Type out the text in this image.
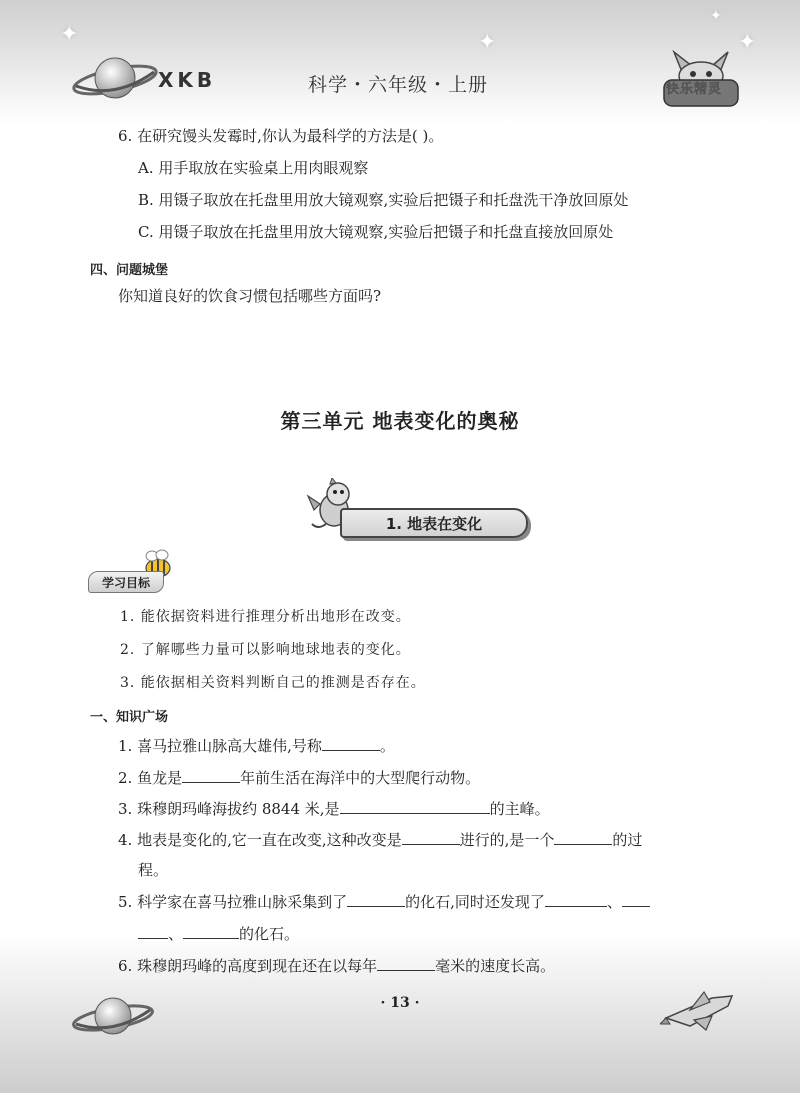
✦	✦	✦
✦
XKB	科学・六年级・上册	快乐精灵
6. 在研究馒头发霉时,你认为最科学的方法是( )。
A. 用手取放在实验桌上用肉眼观察
B. 用镊子取放在托盘里用放大镜观察,实验后把镊子和托盘洗干净放回原处
C. 用镊子取放在托盘里用放大镜观察,实验后把镊子和托盘直接放回原处
四、问题城堡
你知道良好的饮食习惯包括哪些方面吗?
第三单元 地表变化的奥秘
1. 地表在变化
学习目标
1. 能依据资料进行推理分析出地形在改变。
2. 了解哪些力量可以影响地球地表的变化。
3. 能依据相关资料判断自己的推测是否存在。
一、知识广场
1. 喜马拉雅山脉高大雄伟,号称	。
2. 鱼龙是	年前生活在海洋中的大型爬行动物。
3. 珠穆朗玛峰海拔约 8844 米,是	的主峰。
4. 地表是变化的,它一直在改变,这种改变是	进行的,是一个	的过
程。
5. 科学家在喜马拉雅山脉采集到了	的化石,同时还发现了	、
、	的化石。
6. 珠穆朗玛峰的高度到现在还在以每年	毫米的速度长高。
· 13 ·
